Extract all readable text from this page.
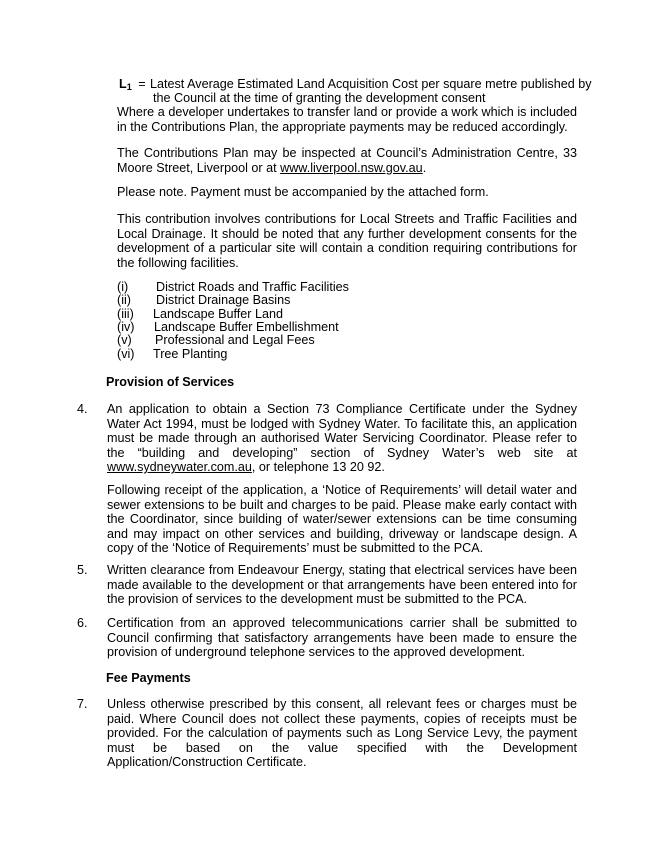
$L_1$ = Latest Average Estimated Land Acquisition Cost per square metre published by
the Council at the time of granting the development consent
Where a developer undertakes to transfer land or provide a work which is included in the Contributions Plan, the appropriate payments may be reduced accordingly.
The Contributions Plan may be inspected at Council’s Administration Centre, 33 Moore Street, Liverpool or at www.liverpool.nsw.gov.au.
Please note. Payment must be accompanied by the attached form.
This contribution involves contributions for Local Streets and Traffic Facilities and Local Drainage. It should be noted that any further development consents for the development of a particular site will contain a condition requiring contributions for the following facilities.
(i) District Roads and Traffic Facilities
(ii) District Drainage Basins
(iii) Landscape Buffer Land
(iv) Landscape Buffer Embellishment
(v) Professional and Legal Fees
(vi) Tree Planting
Provision of Services
4. An application to obtain a Section 73 Compliance Certificate under the Sydney Water Act 1994, must be lodged with Sydney Water. To facilitate this, an application must be made through an authorised Water Servicing Coordinator. Please refer to the “building and developing” section of Sydney Water’s web site at www.sydneywater.com.au, or telephone 13 20 92.
Following receipt of the application, a ‘Notice of Requirements’ will detail water and sewer extensions to be built and charges to be paid. Please make early contact with the Coordinator, since building of water/sewer extensions can be time consuming and may impact on other services and building, driveway or landscape design. A copy of the ‘Notice of Requirements’ must be submitted to the PCA.
5. Written clearance from Endeavour Energy, stating that electrical services have been made available to the development or that arrangements have been entered into for the provision of services to the development must be submitted to the PCA.
6. Certification from an approved telecommunications carrier shall be submitted to Council confirming that satisfactory arrangements have been made to ensure the provision of underground telephone services to the approved development.
Fee Payments
7. Unless otherwise prescribed by this consent, all relevant fees or charges must be paid. Where Council does not collect these payments, copies of receipts must be provided. For the calculation of payments such as Long Service Levy, the payment must be based on the value specified with the Development Application/Construction Certificate.
